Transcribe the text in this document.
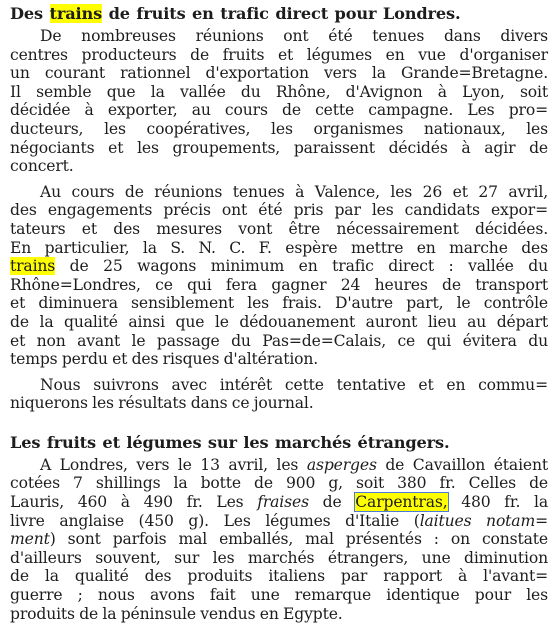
Des trains de fruits en trafic direct pour Londres.
De nombreuses réunions ont été tenues dans divers
centres producteurs de fruits et légumes en vue d'organiser
un courant rationnel d'exportation vers la Grande=Bretagne.
Il semble que la vallée du Rhône, d'Avignon à Lyon, soit
décidée à exporter, au cours de cette campagne. Les pro=
ducteurs, les coopératives, les organismes nationaux, les
négociants et les groupements, paraissent décidés à agir de
concert.
Au cours de réunions tenues à Valence, les 26 et 27 avril,
des engagements précis ont été pris par les candidats expor=
tateurs et des mesures vont être nécessairement décidées.
En particulier, la S. N. C. F. espère mettre en marche des
trains de 25 wagons minimum en trafic direct : vallée du
Rhône=Londres, ce qui fera gagner 24 heures de transport
et diminuera sensiblement les frais. D'autre part, le contrôle
de la qualité ainsi que le dédouanement auront lieu au départ
et non avant le passage du Pas=de=Calais, ce qui évitera du
temps perdu et des risques d'altération.
Nous suivrons avec intérêt cette tentative et en commu=
niquerons les résultats dans ce journal.
Les fruits et légumes sur les marchés étrangers.
A Londres, vers le 13 avril, les asperges de Cavaillon étaient
cotées 7 shillings la botte de 900 g, soit 380 fr. Celles de
Lauris, 460 à 490 fr. Les fraises de Carpentras, 480 fr. la
livre anglaise (450 g). Les légumes d'Italie (laitues notam=
ment) sont parfois mal emballés, mal présentés : on constate
d'ailleurs souvent, sur les marchés étrangers, une diminution
de la qualité des produits italiens par rapport à l'avant=
guerre ; nous avons fait une remarque identique pour les
produits de la péninsule vendus en Egypte.
